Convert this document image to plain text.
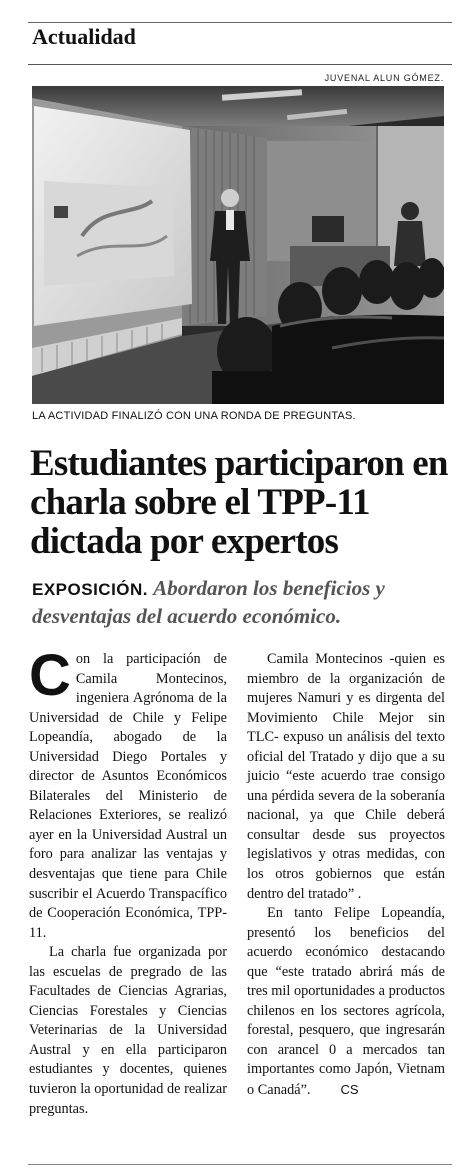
Actualidad
JUVENAL ALUN GÓMEZ.
LA ACTIVIDAD FINALIZÓ CON UNA RONDA DE PREGUNTAS.
Estudiantes participaron en charla sobre el TPP-11 dictada por expertos

EXPOSICIÓN. Abordaron los beneficios y desventajas del acuerdo económico.

Con la participación de Camila Montecinos, ingeniera Agrónoma de la Universidad de Chile y Felipe Lopeandía, abogado de la Universidad Diego Portales y director de Asuntos Económicos Bilaterales del Ministerio de Relaciones Exteriores, se realizó ayer en la Universidad Austral un foro para analizar las ventajas y desventajas que tiene para Chile suscribir el Acuerdo Transpacífico de Cooperación Económica, TPP-11.

La charla fue organizada por las escuelas de pregrado de las Facultades de Ciencias Agrarias, Ciencias Forestales y Ciencias Veterinarias de la Universidad Austral y en ella participaron estudiantes y docentes, quienes tuvieron la oportunidad de realizar preguntas.

Camila Montecinos -quien es miembro de la organización de mujeres Namuri y es dirgenta del Movimiento Chile Mejor sin TLC- expuso un análisis del texto oficial del Tratado y dijo que a su juicio “este acuerdo trae consigo una pérdida severa de la soberanía nacional, ya que Chile deberá consultar desde sus proyectos legislativos y otras medidas, con los otros gobiernos que están dentro del tratado” .

En tanto Felipe Lopeandía, presentó los beneficios del acuerdo económico destacando que “este tratado abrirá más de tres mil oportunidades a productos chilenos en los sectores agrícola, forestal, pesquero, que ingresarán con arancel 0 a mercados tan importantes como Japón, Vietnam o Canadá”. CS
